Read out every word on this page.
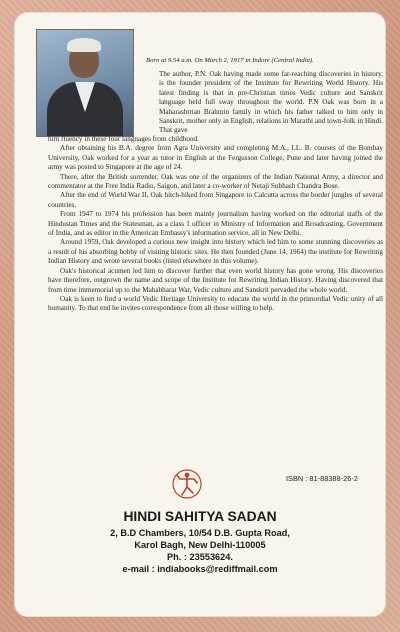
Born at 9.54 a.m. On March 2, 1917 in Indore (Central India).
The author, P.N. Oak having made some far-reaching discoveries in history, is the founder president of the Institute for Rewriting World History. His latest finding is that in pre-Christian times Vedic culture and Sanskrit language held full sway throughout the world. P.N Oak was born in a Maharashtrian Brahmin family in which his father talked to him only in Sanskrit, mother only in English, relations in Marathi and town-folk in Hindi. That gave
him fluency in these four languages from childhood.
After obtaining his B.A. degree from Agra University and completing M.A., LL. B. courses of the Bombay University, Oak worked for a year as tutor in English at the Fergusson College, Pune and later having joined the army was posted to Singapore at the age of 24.
There, after the British surrender, Oak was one of the organizers of the Indian National Army, a director and commentator at the Free India Radio, Saigon, and later a co-worker of Netaji Subhash Chandra Bose.
After the end of World War II, Oak hitch-hiked from Singapore to Calcutta across the border jungles of several countries.
From 1947 to 1974 his profession has been mainly journalism having worked on the editorial staffs of the Hindustan Times and the Statesman, as a class 1 officer in Ministry of Information and Broadcasting, Government of India, and as editor in the American Embassy's information service, all in New Delhi.
Around 1959, Oak developed a curious new insight into history which led him to some stunning discoveries as a result of his absorbing hobby of visiting historic sites. He then founded (June 14, 1964) the institute for Rewriting Indian History and wrote several books (listed elsewhere in this volume).
Oak's historical acumen led him to discover further that even world history has gone wrong. His discoveries have therefore, outgrown the name and scope of the Institute for Rewriting Indian History. Having discovered that from time immemorial up to the Mahabharat War, Vedic culture and Sanskrit pervaded the whole world.
Oak is keen to find a world Vedic Heritage University to educate the world in the primordial Vedic unity of all humanity. To that end he invites correspondence from all those willing to help.
ISBN : 81-88388-26-2
HINDI SAHITYA SADAN
2, B.D Chambers, 10/54 D.B. Gupta Road,
Karol Bagh, New Delhi-110005
Ph. : 23553624.
e-mail : indiabooks@rediffmail.com
